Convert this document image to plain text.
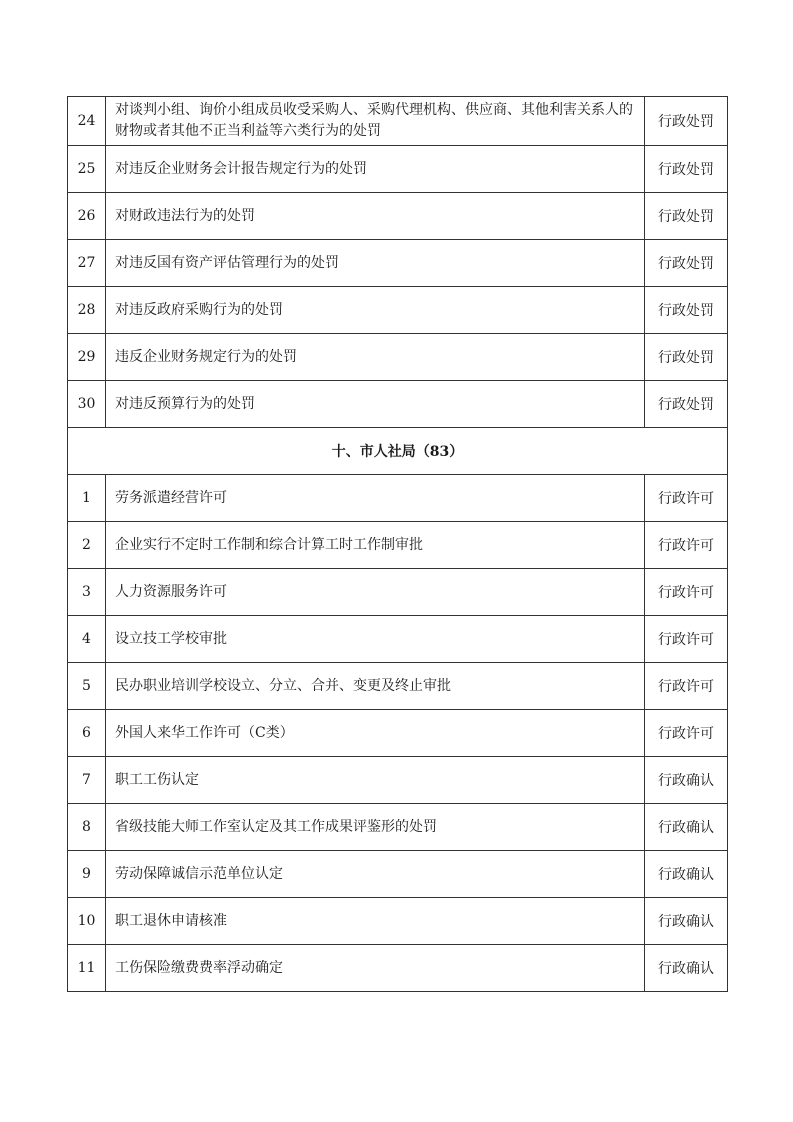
24	对谈判小组、询价小组成员收受采购人、采购代理机构、供应商、其他利害关系人的财物或者其他不正当利益等六类行为的处罚	行政处罚
25	对违反企业财务会计报告规定行为的处罚	行政处罚
26	对财政违法行为的处罚	行政处罚
27	对违反国有资产评估管理行为的处罚	行政处罚
28	对违反政府采购行为的处罚	行政处罚
29	违反企业财务规定行为的处罚	行政处罚
30	对违反预算行为的处罚	行政处罚
十、市人社局（83）		
1	劳务派遣经营许可	行政许可
2	企业实行不定时工作制和综合计算工时工作制审批	行政许可
3	人力资源服务许可	行政许可
4	设立技工学校审批	行政许可
5	民办职业培训学校设立、分立、合并、变更及终止审批	行政许可
6	外国人来华工作许可（C类）	行政许可
7	职工工伤认定	行政确认
8	省级技能大师工作室认定及其工作成果评鉴形的处罚	行政确认
9	劳动保障诚信示范单位认定	行政确认
10	职工退休申请核准	行政确认
11	工伤保险缴费费率浮动确定	行政确认
